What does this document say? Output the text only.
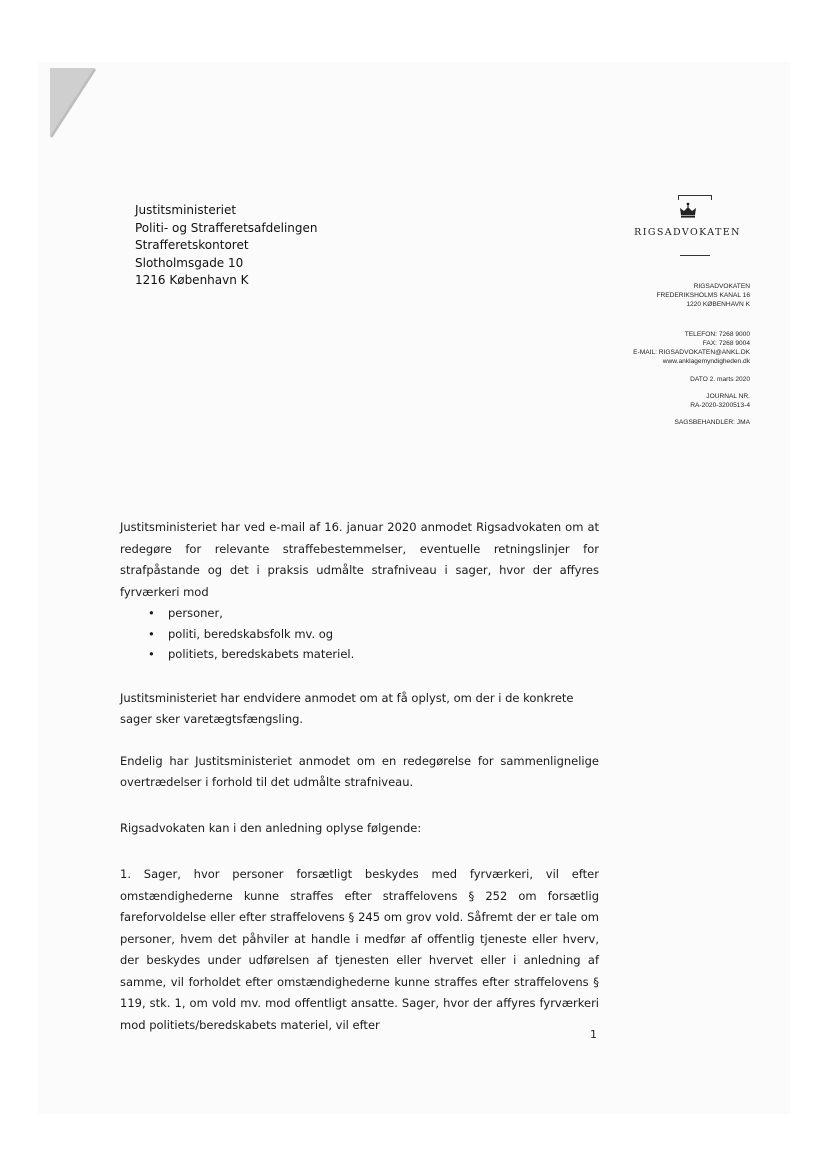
Justitsministeriet
Politi- og Strafferetsafdelingen
Strafferetskontoret
Slotholmsgade 10
1216 København K
RIGSADVOKATEN
RIGSADVOKATEN
FREDERIKSHOLMS KANAL 16
1220 KØBENHAVN K
TELEFON: 7268 9000
FAX: 7268 9004
E-MAIL: RIGSADVOKATEN@ANKL.DK
www.anklagemyndigheden.dk
DATO 2. marts 2020
JOURNAL NR.
RA-2020-3200513-4
SAGSBEHANDLER: JMA

Justitsministeriet har ved e-mail af 16. januar 2020 anmodet Rigsadvokaten om at redegøre for relevante straffebestemmelser, eventuelle retningslinjer for strafpåstande og det i praksis udmålte strafniveau i sager, hvor der affyres fyrværkeri mod

• personer,
• politi, beredskabsfolk mv. og
• politiets, beredskabets materiel.

Justitsministeriet har endvidere anmodet om at få oplyst, om der i de konkrete sager sker varetægtsfængsling.

Endelig har Justitsministeriet anmodet om en redegørelse for sammenlignelige overtrædelser i forhold til det udmålte strafniveau.

Rigsadvokaten kan i den anledning oplyse følgende:

1. Sager, hvor personer forsætligt beskydes med fyrværkeri, vil efter omstændighederne kunne straffes efter straffelovens § 252 om forsætlig fareforvoldelse eller efter straffelovens § 245 om grov vold. Såfremt der er tale om personer, hvem det påhviler at handle i medfør af offentlig tjeneste eller hverv, der beskydes under udførelsen af tjenesten eller hvervet eller i anledning af samme, vil forholdet efter omstændighederne kunne straffes efter straffelovens § 119, stk. 1, om vold mv. mod offentligt ansatte. Sager, hvor der affyres fyrværkeri mod politiets/beredskabets materiel, vil efter

1
